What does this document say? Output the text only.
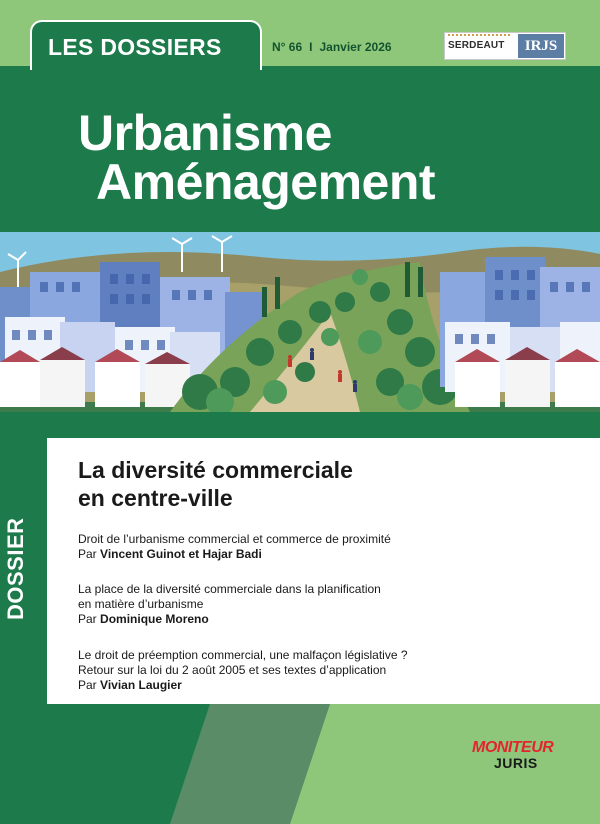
LES DOSSIERS	N° 66 I Janvier 2026	SERDEAUT	IRJS
Urbanisme
Aménagement
DOSSIER
La diversité commerciale
en centre-ville
Droit de l’urbanisme commercial et commerce de proximité
Par Vincent Guinot et Hajar Badi
La place de la diversité commerciale dans la planification
en matière d’urbanisme
Par Dominique Moreno
Le droit de préemption commercial, une malfaçon législative ?
Retour sur la loi du 2 août 2005 et ses textes d’application
Par Vivian Laugier
MONITEUR
JURIS
